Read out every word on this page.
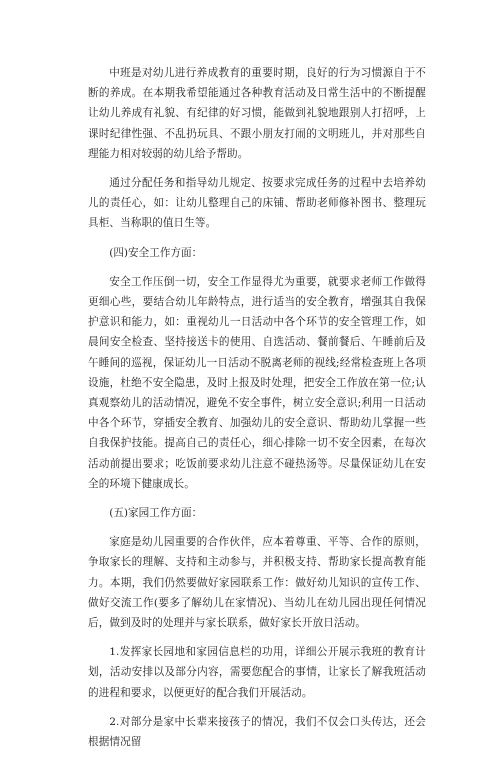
中班是对幼儿进行养成教育的重要时期，良好的行为习惯源自于不断的养成。在本期我希望能通过各种教育活动及日常生活中的不断提醒让幼儿养成有礼貌、有纪律的好习惯，能做到礼貌地跟别人打招呼，上课时纪律性强、不乱扔玩具、不跟小朋友打闹的文明班儿，并对那些自理能力相对较弱的幼儿给予帮助。

通过分配任务和指导幼儿规定、按要求完成任务的过程中去培养幼儿的责任心，如：让幼儿整理自己的床铺、帮助老师修补图书、整理玩具柜、当称职的值日生等。

(四)安全工作方面：

安全工作压倒一切，安全工作显得尤为重要，就要求老师工作做得更细心些，要结合幼儿年龄特点，进行适当的安全教育，增强其自我保护意识和能力，如：重视幼儿一日活动中各个环节的安全管理工作，如晨间安全检查、坚持接送卡的使用、自选活动、餐前餐后、午睡前后及午睡间的巡视，保证幼儿一日活动不脱离老师的视线;经常检查班上各项设施，杜绝不安全隐患，及时上报及时处理，把安全工作放在第一位;认真观察幼儿的活动情况，避免不安全事件，树立安全意识;利用一日活动中各个环节，穿插安全教育、加强幼儿的安全意识、帮助幼儿掌握一些自我保护技能。提高自己的责任心，细心排除一切不安全因素，在每次活动前提出要求；吃饭前要求幼儿注意不碰热汤等。尽量保证幼儿在安全的环境下健康成长。

(五)家园工作方面：

家庭是幼儿园重要的合作伙伴，应本着尊重、平等、合作的原则，争取家长的理解、支持和主动参与，并积极支持、帮助家长提高教育能力。本期，我们仍然要做好家园联系工作：做好幼儿知识的宣传工作、做好交流工作(要多了解幼儿在家情况)、当幼儿在幼儿园出现任何情况后，做到及时的处理并与家长联系，做好家长开放日活动。

1.发挥家长园地和家园信息栏的功用，详细公开展示我班的教育计划，活动安排以及部分内容，需要您配合的事情，让家长了解我班活动的进程和要求，以便更好的配合我们开展活动。

2.对部分是家中长辈来接孩子的情况，我们不仅会口头传达，还会根据情况留
